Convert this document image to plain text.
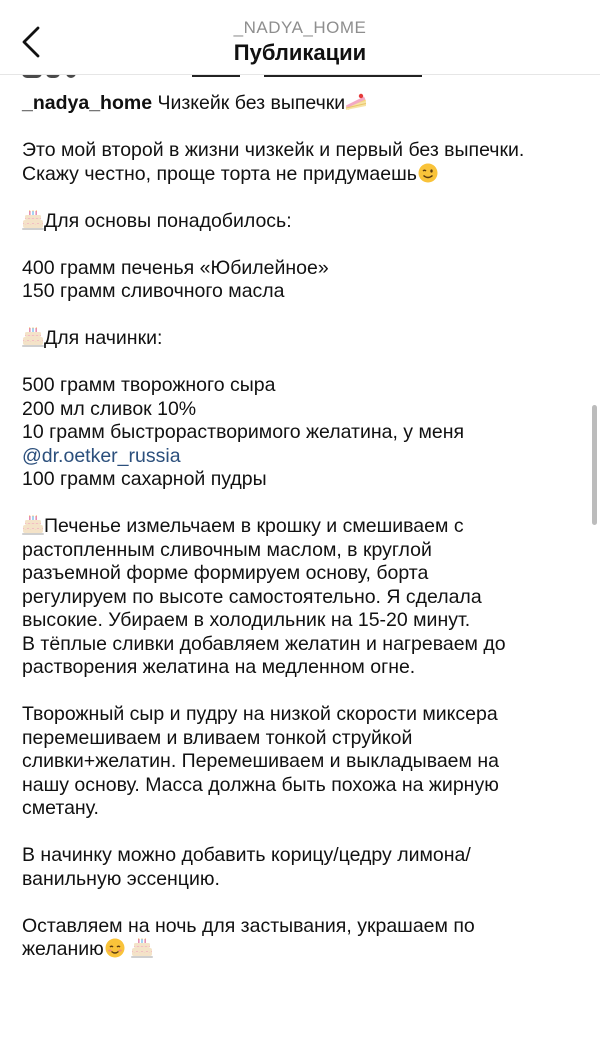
_NADYA_HOME
Публикации
_nadya_home Чизкейк без выпечки
Это мой второй в жизни чизкейк и первый без выпечки.
Скажу честно, проще торта не придумаешь
Для основы понадобилось:
400 грамм печенья «Юбилейное»
150 грамм сливочного масла
Для начинки:
500 грамм творожного сыра
200 мл сливок 10%
10 грамм быстрорастворимого желатина, у меня
@dr.oetker_russia
100 грамм сахарной пудры
Печенье измельчаем в крошку и смешиваем с
растопленным сливочным маслом, в круглой
разъемной форме формируем основу, борта
регулируем по высоте самостоятельно. Я сделала
высокие. Убираем в холодильник на 15-20 минут.
В тёплые сливки добавляем желатин и нагреваем до
растворения желатина на медленном огне.
Творожный сыр и пудру на низкой скорости миксера
перемешиваем и вливаем тонкой струйкой
сливки+желатин. Перемешиваем и выкладываем на
нашу основу. Масса должна быть похожа на жирную
сметану.
В начинку можно добавить корицу/цедру лимона/
ванильную эссенцию.
Оставляем на ночь для застывания, украшаем по
желанию
